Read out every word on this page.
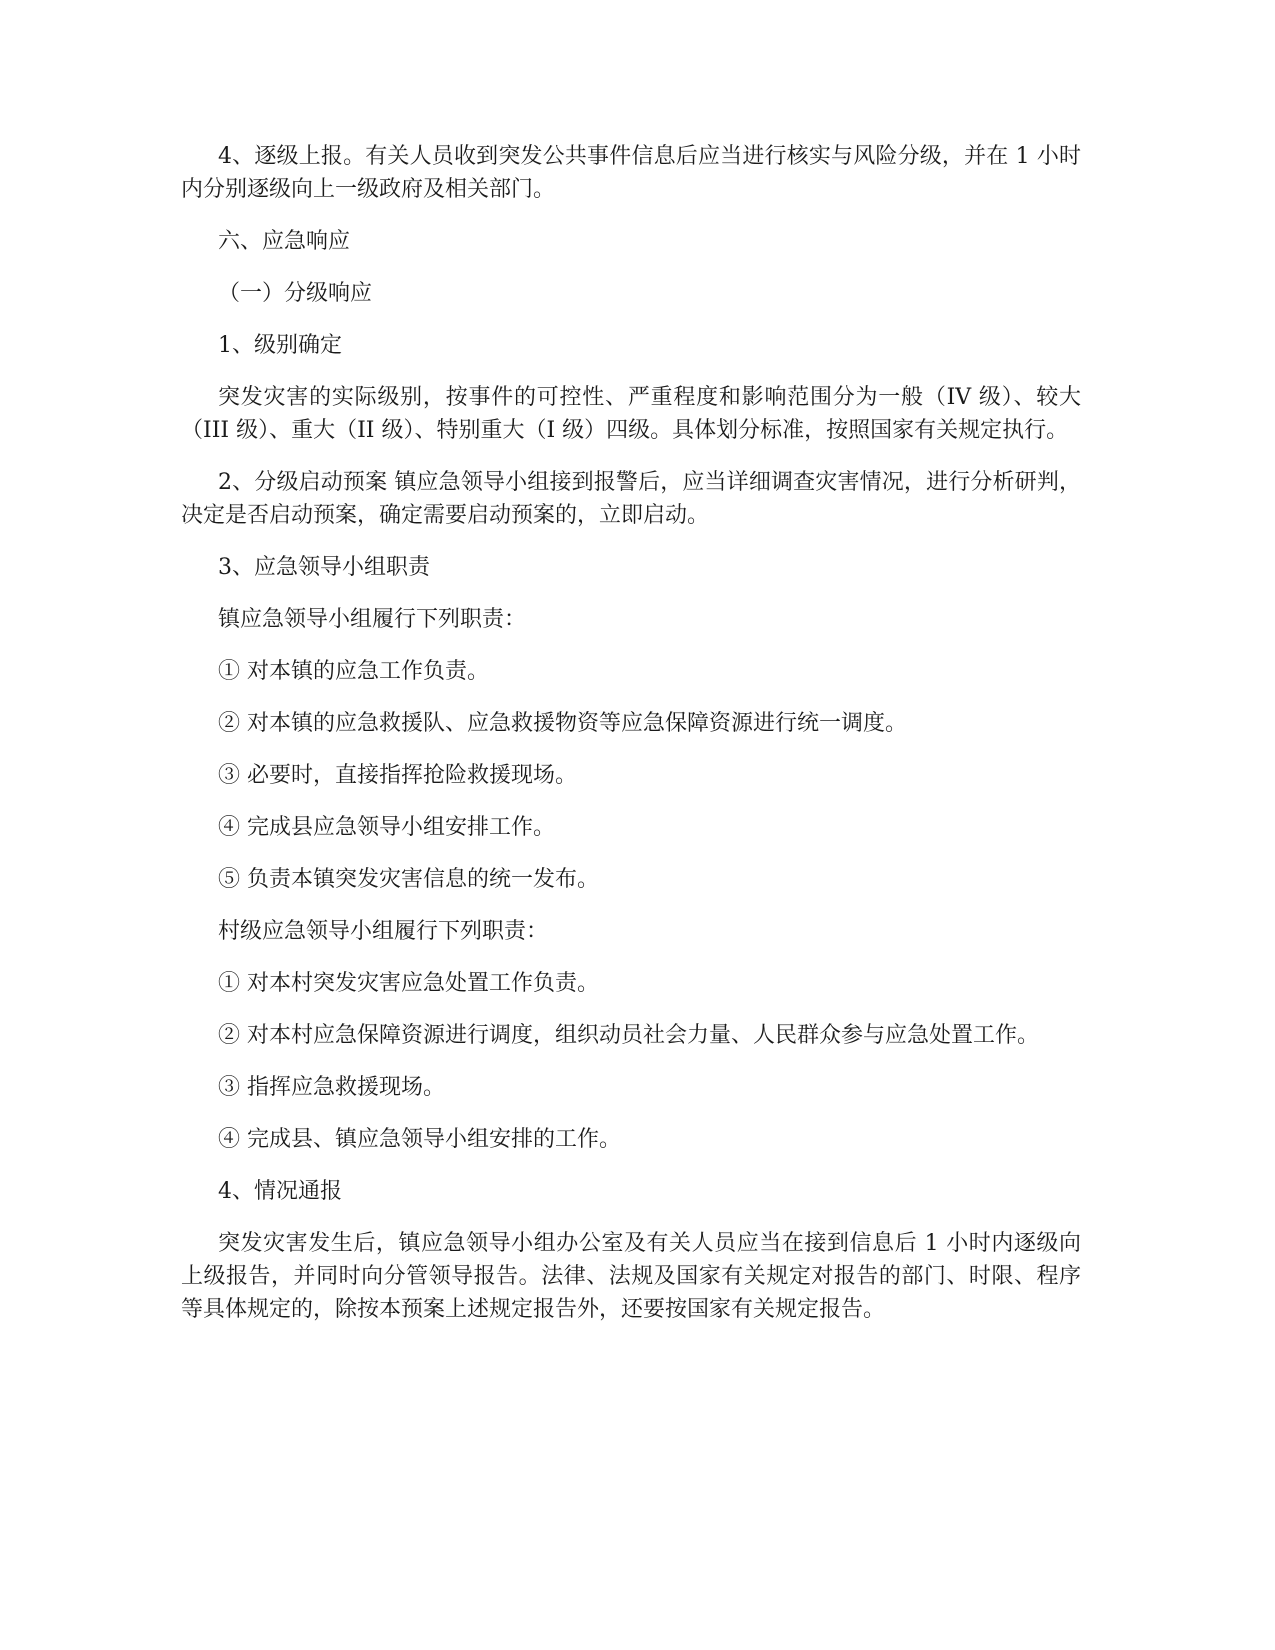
4、逐级上报。有关人员收到突发公共事件信息后应当进行核实与风险分级，并在 1 小时内分别逐级向上一级政府及相关部门。

六、应急响应

（一）分级响应

1、级别确定

突发灾害的实际级别，按事件的可控性、严重程度和影响范围分为一般（IV 级）、较大（III 级）、重大（II 级）、特别重大（I 级）四级。具体划分标准，按照国家有关规定执行。

2、分级启动预案 镇应急领导小组接到报警后，应当详细调查灾害情况，进行分析研判，决定是否启动预案，确定需要启动预案的，立即启动。

3、应急领导小组职责

镇应急领导小组履行下列职责：

① 对本镇的应急工作负责。

② 对本镇的应急救援队、应急救援物资等应急保障资源进行统一调度。

③ 必要时，直接指挥抢险救援现场。

④ 完成县应急领导小组安排工作。

⑤ 负责本镇突发灾害信息的统一发布。

村级应急领导小组履行下列职责：

① 对本村突发灾害应急处置工作负责。

② 对本村应急保障资源进行调度，组织动员社会力量、人民群众参与应急处置工作。

③ 指挥应急救援现场。

④ 完成县、镇应急领导小组安排的工作。

4、情况通报

突发灾害发生后，镇应急领导小组办公室及有关人员应当在接到信息后 1 小时内逐级向上级报告，并同时向分管领导报告。法律、法规及国家有关规定对报告的部门、时限、程序等具体规定的，除按本预案上述规定报告外，还要按国家有关规定报告。
